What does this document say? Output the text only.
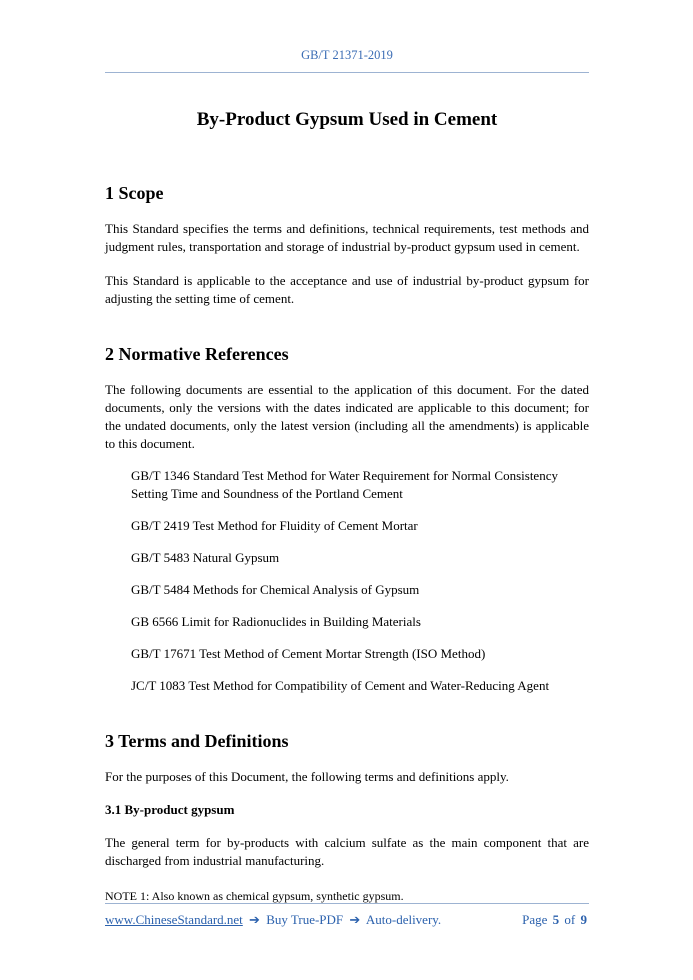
GB/T 21371-2019
By-Product Gypsum Used in Cement
1 Scope

This Standard specifies the terms and definitions, technical requirements, test methods and judgment rules, transportation and storage of industrial by-product gypsum used in cement.

This Standard is applicable to the acceptance and use of industrial by-product gypsum for adjusting the setting time of cement.

2 Normative References

The following documents are essential to the application of this document. For the dated documents, only the versions with the dates indicated are applicable to this document; for the undated documents, only the latest version (including all the amendments) is applicable to this document.

GB/T 1346 Standard Test Method for Water Requirement for Normal Consistency Setting Time and Soundness of the Portland Cement

GB/T 2419 Test Method for Fluidity of Cement Mortar

GB/T 5483 Natural Gypsum

GB/T 5484 Methods for Chemical Analysis of Gypsum

GB 6566 Limit for Radionuclides in Building Materials

GB/T 17671 Test Method of Cement Mortar Strength (ISO Method)

JC/T 1083 Test Method for Compatibility of Cement and Water-Reducing Agent

3 Terms and Definitions

For the purposes of this Document, the following terms and definitions apply.

3.1 By-product gypsum

The general term for by-products with calcium sulfate as the main component that are discharged from industrial manufacturing.

NOTE 1: Also known as chemical gypsum, synthetic gypsum.

www.ChineseStandard.net ➔ Buy True-PDF ➔ Auto-delivery.	Page 5 of 9
